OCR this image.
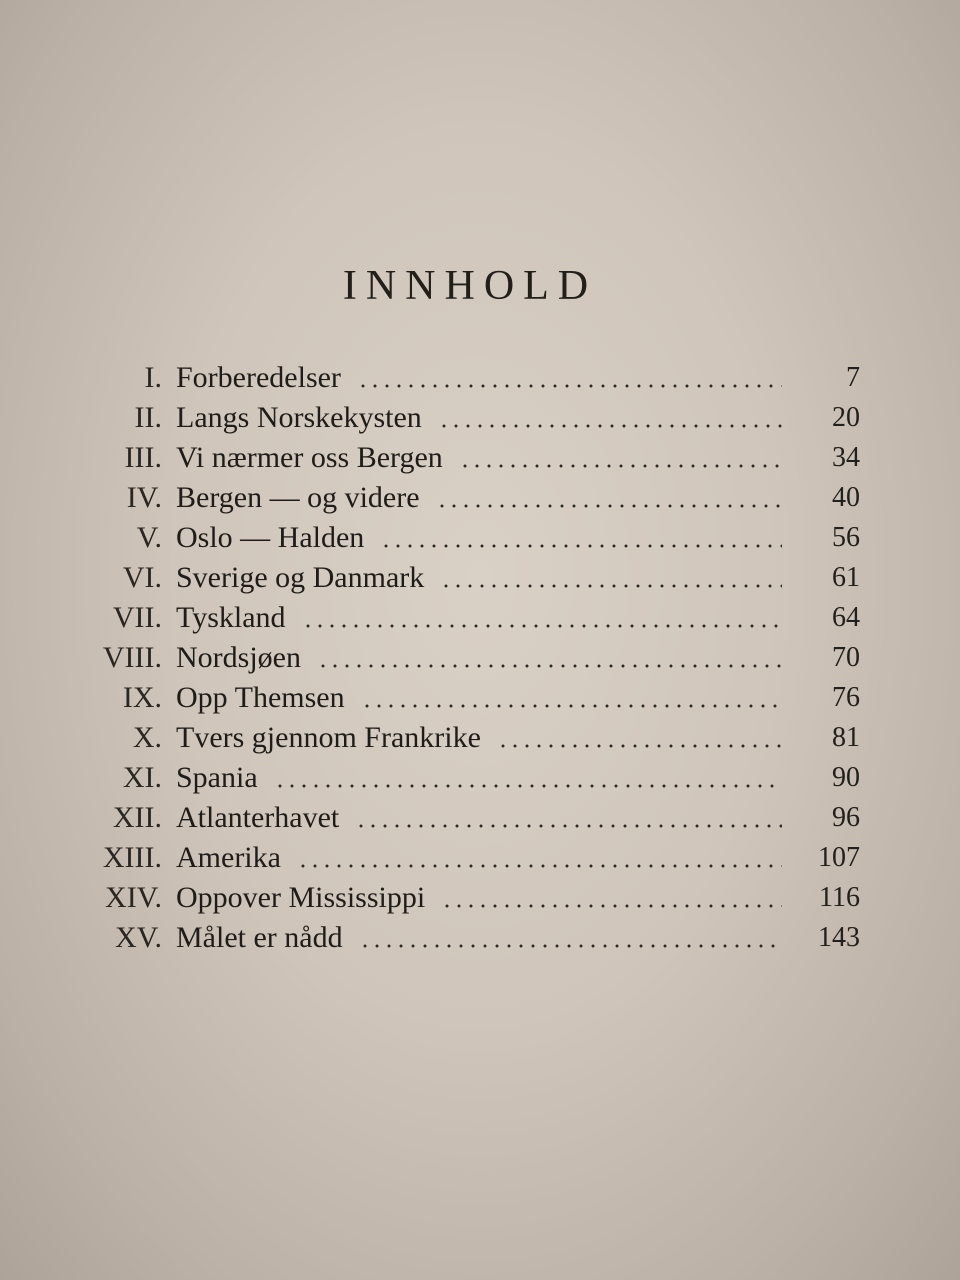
INNHOLD
I. Forberedelser	7
II. Langs Norskekysten	20
III. Vi nærmer oss Bergen	34
IV. Bergen — og videre	40
V. Oslo — Halden	56
VI. Sverige og Danmark	61
VII. Tyskland	64
VIII. Nordsjøen	70
IX. Opp Themsen	76
X. Tvers gjennom Frankrike	81
XI. Spania	90
XII. Atlanterhavet	96
XIII. Amerika	107
XIV. Oppover Mississippi	116
XV. Målet er nådd	143
